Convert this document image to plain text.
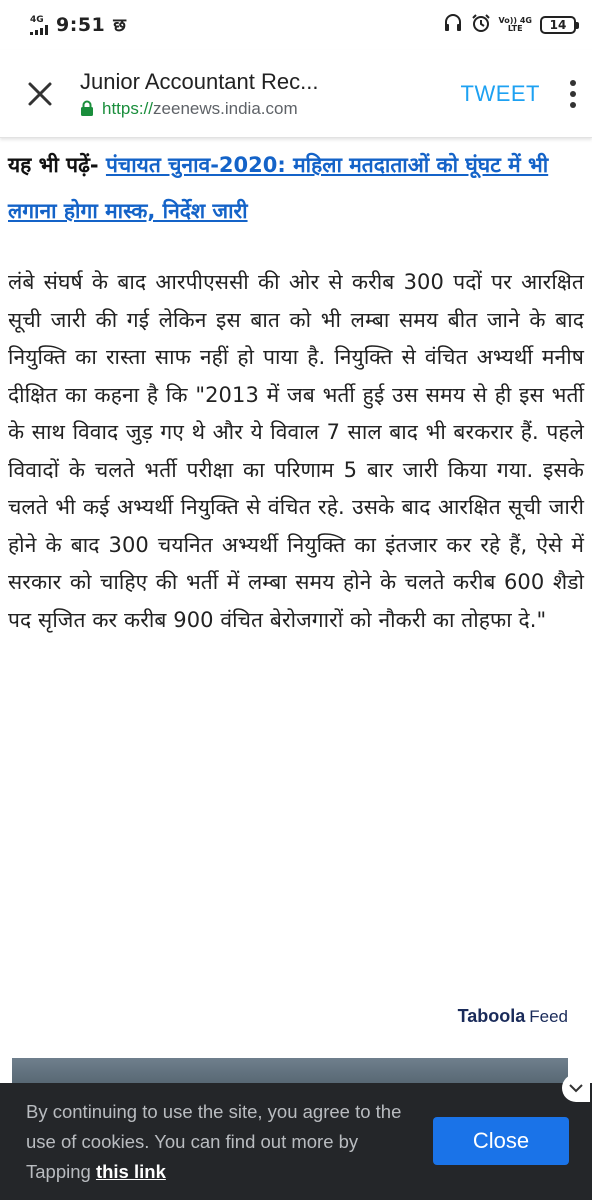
4G 9:51 छ	Vo)) 4G
LTE	14
Junior Accountant Rec...
https://zeenews.india.com
TWEET

यह भी पढ़ें- पंचायत चुनाव-2020: महिला मतदाताओं को घूंघट में भी लगाना होगा मास्क, निर्देश जारी

लंबे संघर्ष के बाद आरपीएससी की ओर से करीब 300 पदों पर आरक्षित सूची जारी की गई लेकिन इस बात को भी लम्बा समय बीत जाने के बाद नियुक्ति का रास्ता साफ नहीं हो पाया है. नियुक्ति से वंचित अभ्यर्थी मनीष दीक्षित का कहना है कि "2013 में जब भर्ती हुई उस समय से ही इस भर्ती के साथ विवाद जुड़ गए थे और ये विवाल 7 साल बाद भी बरकरार हैं. पहले विवादों के चलते भर्ती परीक्षा का परिणाम 5 बार जारी किया गया. इसके चलते भी कई अभ्यर्थी नियुक्ति से वंचित रहे. उसके बाद आरक्षित सूची जारी होने के बाद 300 चयनित अभ्यर्थी नियुक्ति का इंतजार कर रहे हैं, ऐसे में सरकार को चाहिए की भर्ती में लम्बा समय होने के चलते करीब 600 शैडो पद सृजित कर करीब 900 वंचित बेरोजगारों को नौकरी का तोहफा दे."

Taboola Feed

By continuing to use the site, you agree to the use of cookies. You can find out more by Tapping this link

Close
